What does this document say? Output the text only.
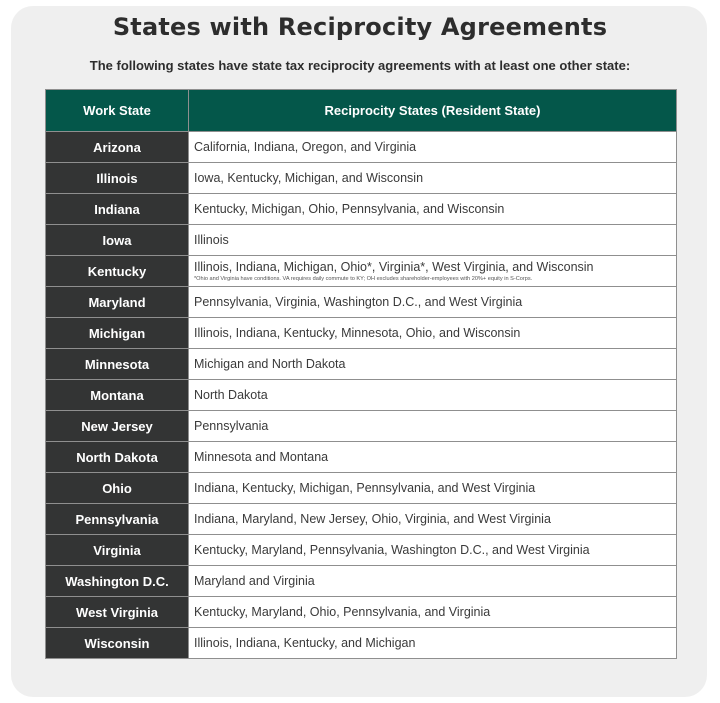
States with Reciprocity Agreements
The following states have state tax reciprocity agreements with at least one other state:
Work State	Reciprocity States (Resident State)
Arizona	California, Indiana, Oregon, and Virginia

Illinois	Iowa, Kentucky, Michigan, and Wisconsin

Indiana	Kentucky, Michigan, Ohio, Pennsylvania, and Wisconsin

Iowa	Illinois

Kentucky	Illinois, Indiana, Michigan, Ohio*, Virginia*, West Virginia, and Wisconsin
*Ohio and Virginia have conditions. VA requires daily commute to KY; OH excludes shareholder-employees with 20%+ equity in S-Corps.

Maryland	Pennsylvania, Virginia, Washington D.C., and West Virginia

Michigan	Illinois, Indiana, Kentucky, Minnesota, Ohio, and Wisconsin

Minnesota	Michigan and North Dakota

Montana	North Dakota

New Jersey	Pennsylvania

North Dakota	Minnesota and Montana

Ohio	Indiana, Kentucky, Michigan, Pennsylvania, and West Virginia

Pennsylvania	Indiana, Maryland, New Jersey, Ohio, Virginia, and West Virginia

Virginia	Kentucky, Maryland, Pennsylvania, Washington D.C., and West Virginia

Washington D.C.	Maryland and Virginia

West Virginia	Kentucky, Maryland, Ohio, Pennsylvania, and Virginia

Wisconsin	Illinois, Indiana, Kentucky, and Michigan
